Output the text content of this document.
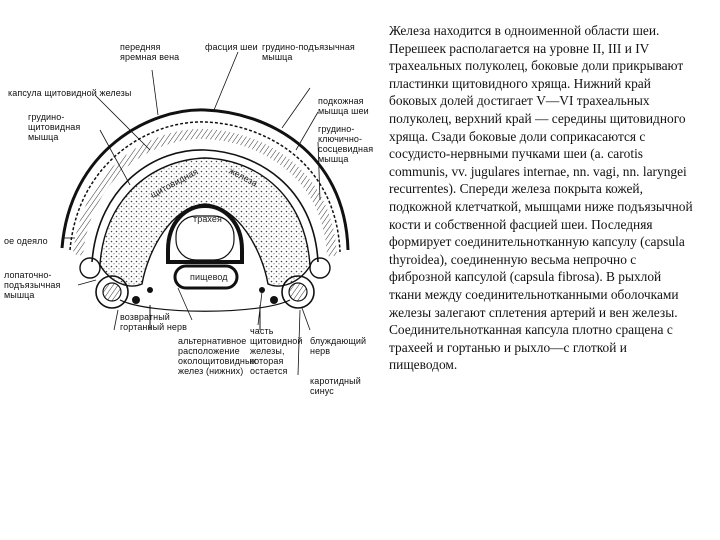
передняя
яремная вена
фасция шеи грудино-подъязычная
мышца
капсула щитовидной железы
подкожная
мышца шеи
грудино-
щитовидная
мышца
грудино-
ключично-
сосцевидная
мышца
ое одеяло
лопаточно-
подъязычная
мышца
возвратный
гортанный нерв
альтернативное
расположение
околощитовидных
желез (нижних)
часть
щитовидной
железы,
которая
остается
блуждающий
нерв
каротидный
синус
трахея
пищевод
щитовидная	железа
Железа находится в одноименной области шеи. Перешеек располагается на уровне II, III и IV трахеальных полуколец, боковые доли прикрывают пластинки щитовидного хряща. Нижний край боковых долей достигает V—VI трахеальных полуколец, верхний край — середины щитовидного хряща. Сзади боковые доли соприкасаются с сосудисто-нервными пучками шеи (a. carotis communis, vv. jugulares internae, nn. vagi, nn. laryngei recurrentes). Спереди железа покрыта кожей, подкожной клетчаткой, мышцами ниже подъязычной кости и собственной фасцией шеи. Последняя формирует соединительнотканную капсулу (capsula thyroidea), соединенную весьма непрочно с фиброзной капсулой (capsula fibrosa). В рыхлой ткани между соединительнотканными оболочками железы залегают сплетения артерий и вен железы. Соединительнотканная капсула плотно сращена с трахеей и гортанью и рыхло—с глоткой и пищеводом.
